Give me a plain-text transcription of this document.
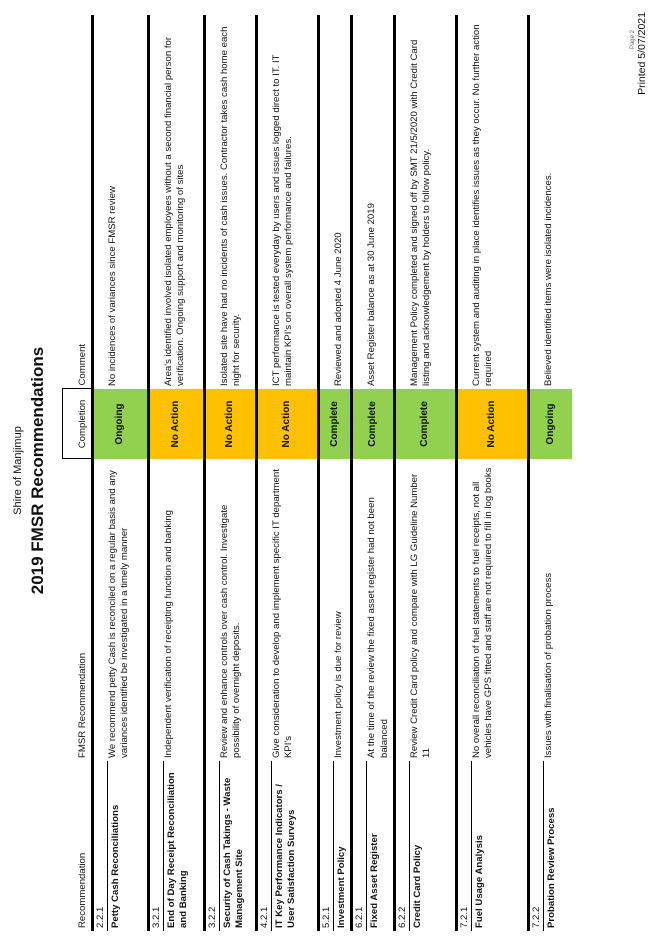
Shire of Manjimup 2019 FMSR Recommendations
Recommendation	FMSR Recommendation	Completion	Comment

2.2.1 Petty Cash Reconciliations	We recommend petty Cash is reconciled on a regular basis and any variances identified be investigated in a timely manner	Ongoing	No incidences of variances since FMSR review

3.2.1 End of Day Receipt Reconciliation and Banking	Independent verification of receipting function and banking	No Action	Area's identified involved isolated employees without a second financial person for verification. Ongoing support and monitoring of sites

3.2.2 Security of Cash Takings - Waste Management Site	Review and enhance controls over cash control. Investigate possibility of overnight deposits.	No Action	Isolated site have had no incidents of cash issues. Contractor takes cash home each night for security.

4.2.1 IT Key Performance Indicators / User Satisfaction Surveys	Give consideration to develop and implement specific IT department KPI's	No Action	ICT performance is tested everyday by users and issues logged direct to IT. IT maintain KPI's on overall system performance and failures.

5.2.1 Investment Policy	Investment policy is due for review	Complete	Reviewed and adopted 4 June 2020

6.2.1 Fixed Asset Register	At the time of the review the fixed asset register had not been balanced	Complete	Asset Register balance as at 30 June 2019

6.2.2 Credit Card Policy	Review Credit Card policy and compare with LG Guideline Number 11	Complete	Management Policy completed and signed off by SMT 21/5/2020 with Credit Card listing and acknowledgement by holders to follow policy.

7.2.1 Fuel Usage Analysis	No overall reconciliation of fuel statements to fuel receipts, not all vehicles have GPS fitted and staff are not required to fill in log books	No Action	Current system and auditing in place identifies issues as they occur. No further action required

7.2.2 Probation Review Process	Issues with finalisation of probation process	Ongoing	Believed identified items were isolated incidences.
Page 2 Printed 5/07/2021
